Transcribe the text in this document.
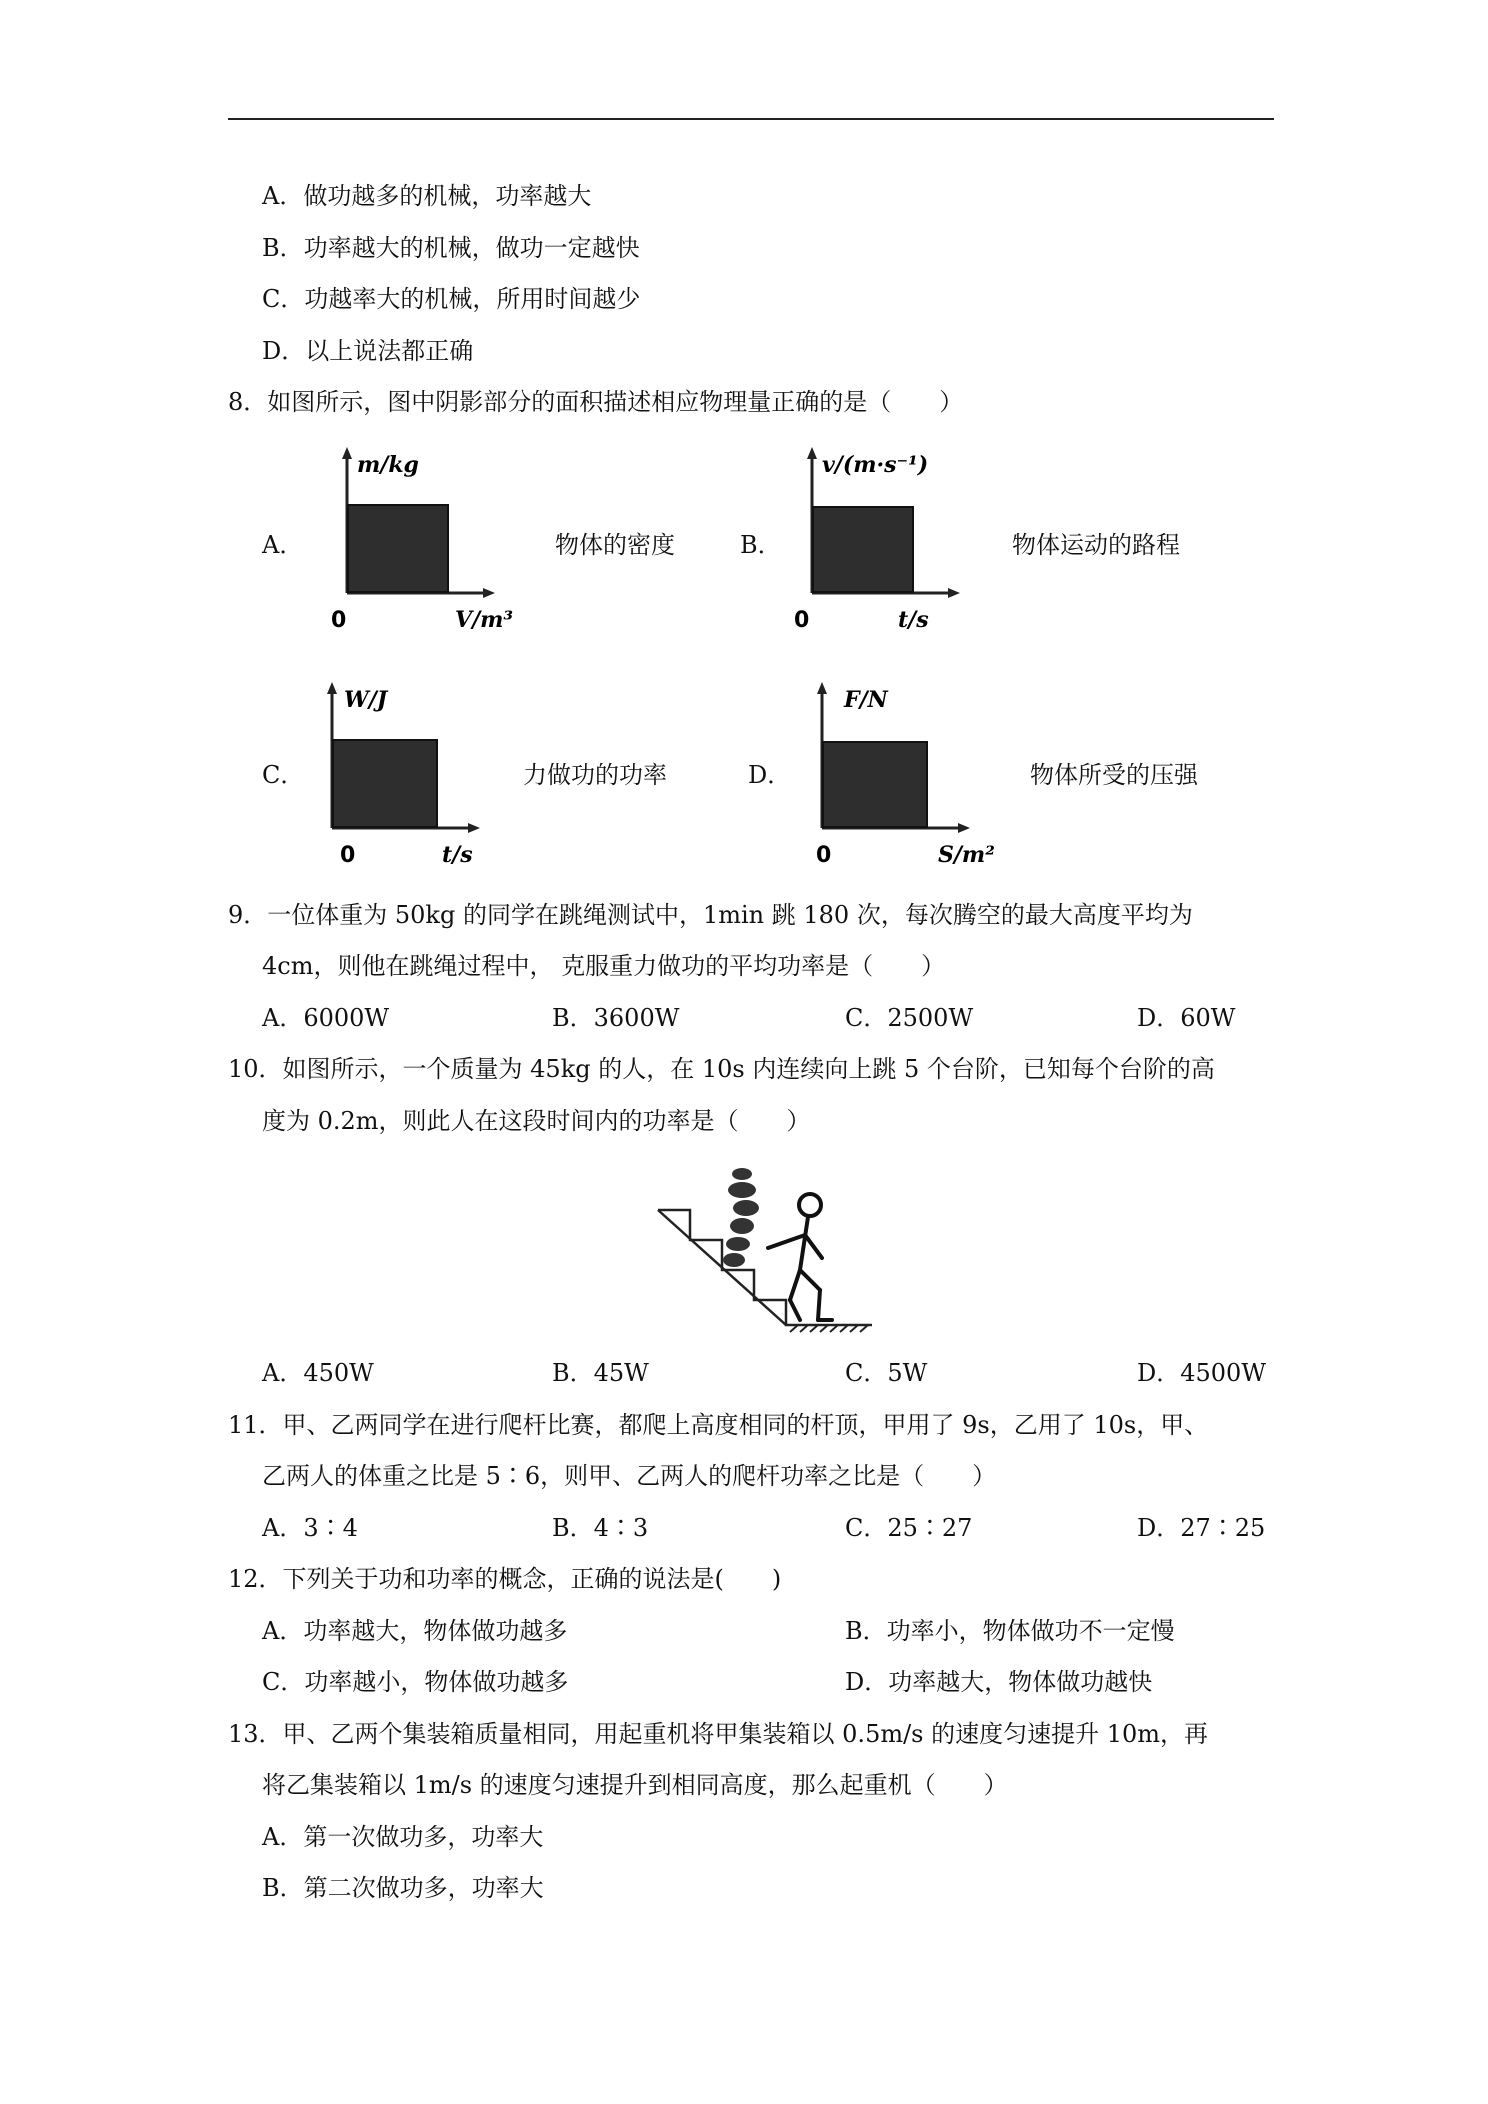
A．做功越多的机械，功率越大
B．功率越大的机械，做功一定越快
C．功越率大的机械，所用时间越少
D．以上说法都正确
8．如图所示，图中阴影部分的面积描述相应物理量正确的是（　　）
A．
m/kg
0	V/m³
物体的密度	B．
v/(m·s⁻¹)
0	t/s
物体运动的路程
C．
W/J
0	t/s
力做功的功率	D．
F/N
0	S/m²
物体所受的压强
9．一位体重为 50kg 的同学在跳绳测试中，1min 跳 180 次，每次腾空的最大高度平均为
4cm，则他在跳绳过程中， 克服重力做功的平均功率是（　　）
A．6000W	B．3600W	C．2500W	D．60W
10．如图所示，一个质量为 45kg 的人，在 10s 内连续向上跳 5 个台阶，已知每个台阶的高
度为 0.2m，则此人在这段时间内的功率是（　　）
A．450W	B．45W	C．5W	D．4500W
11．甲、乙两同学在进行爬杆比赛，都爬上高度相同的杆顶，甲用了 9s，乙用了 10s，甲、
乙两人的体重之比是 5∶6，则甲、乙两人的爬杆功率之比是（　　）
A．3∶4	B．4∶3	C．25∶27	D．27∶25
12．下列关于功和功率的概念，正确的说法是(　　)
A．功率越大，物体做功越多	B．功率小，物体做功不一定慢
C．功率越小，物体做功越多	D．功率越大，物体做功越快
13．甲、乙两个集装箱质量相同，用起重机将甲集装箱以 0.5m/s 的速度匀速提升 10m，再
将乙集装箱以 1m/s 的速度匀速提升到相同高度，那么起重机（　　）
A．第一次做功多，功率大
B．第二次做功多，功率大
